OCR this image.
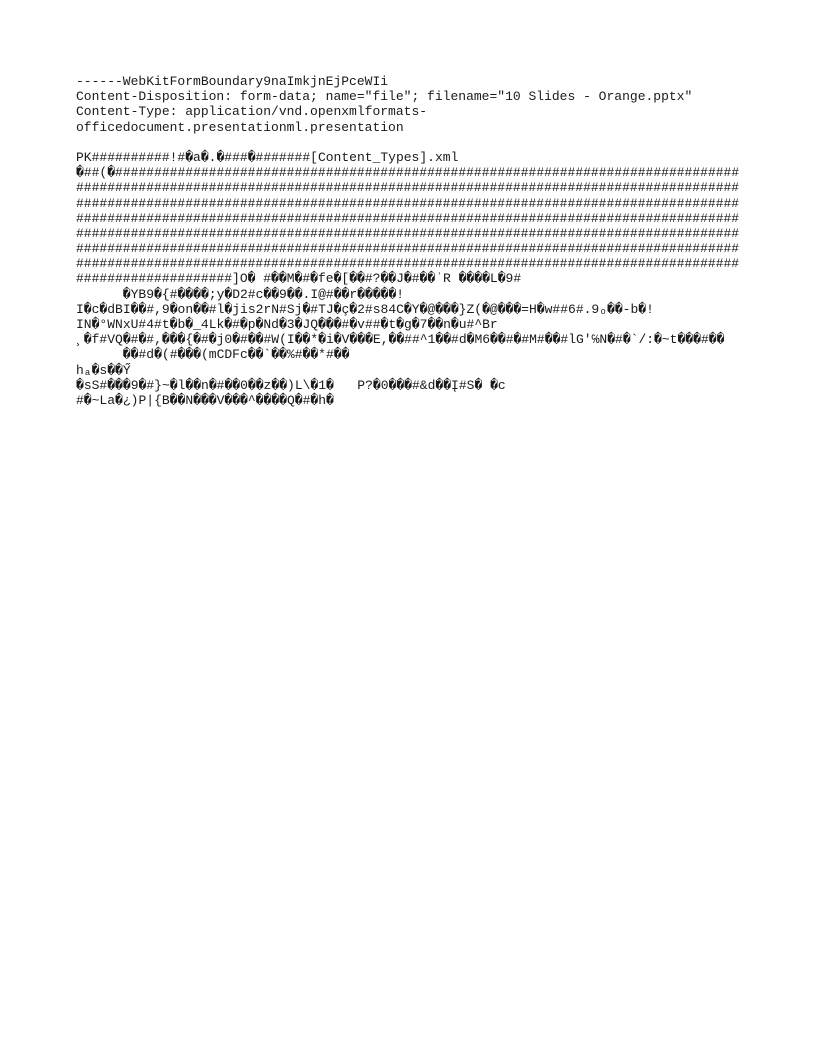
------WebKitFormBoundary9naImkjnEjPceWIi
Content-Disposition: form-data; name="file"; filename="10 Slides - Orange.pptx"
Content-Type: application/vnd.openxmlformats-
officedocument.presentationml.presentation
PK##########!#�a�.�###�#######[Content_Types].xml
�##(�################################################################################
#####################################################################################
#####################################################################################
#####################################################################################
#####################################################################################
#####################################################################################
#####################################################################################
####################]O� #��M�#�fe�[��#?��J�#��ʾR ����L�9#
�YB9�{#����;y�D2#c��9��.I@#��r�����!
I�c�dBI��#,9�on��#l�jis2rN#Sj�#TJ�ç�2#s84C�Y�@���}Z(�@���=H�w##6#.9ₒ��-b�!
IN�°WNxU#4#t�b�_4Lk�#�p�Nd�3�JQ���#�v##�t�g�7��n�u#^Br
¸�f#VQ�#�#,���{�#�j0�#��#W(I��*�i�V���E,��##^1��#d�M6��#�#M#��#lG'℅N�#�`/:�~t���#��
��#d�(#���(mCDFc��`��%#��*#��
hₐ�s��Y̋
�sS#���9�#}~�l��n�#��0��z��)L\�1�   P?�0���#&d��Į#S� �c
#�~La�¿)P|{B��N���V���^����Q�#�h�
